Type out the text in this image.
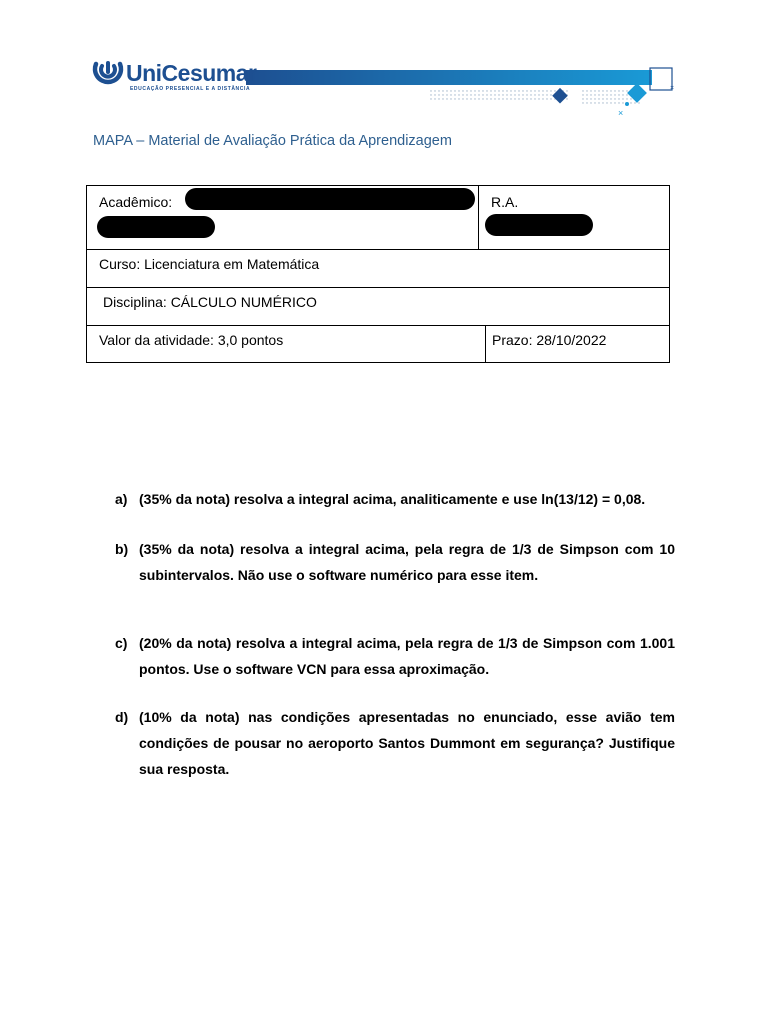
×
×
UniCesumar
EDUCAÇÃO PRESENCIAL E A DISTÂNCIA
MAPA – Material de Avaliação Prática da Aprendizagem
Acadêmico:	R.A.	

Curso: Licenciatura em Matemática		
Disciplina: CÁLCULO NUMÉRICO		
Valor da atividade: 3,0 pontos		Prazo: 28/10/2022
a) (35% da nota) resolva a integral acima, analiticamente e use ln(13/12) = 0,08.
b) (35% da nota) resolva a integral acima, pela regra de 1/3 de Simpson com 10 subintervalos. Não use o software numérico para esse item.
c) (20% da nota) resolva a integral acima, pela regra de 1/3 de Simpson com 1.001 pontos. Use o software VCN para essa aproximação.
d) (10% da nota) nas condições apresentadas no enunciado, esse avião tem condições de pousar no aeroporto Santos Dummont em segurança? Justifique sua resposta.
